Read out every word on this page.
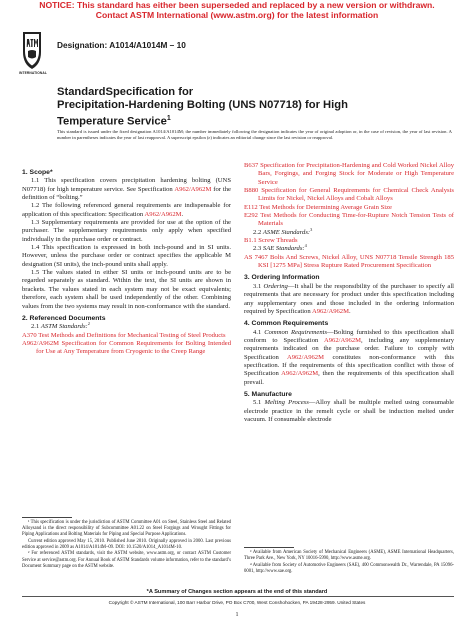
NOTICE: This standard has either been superseded and replaced by a new version or withdrawn.
Contact ASTM International (www.astm.org) for the latest information
INTERNATIONAL
Designation: A1014/A1014M – 10
StandardSpecification for
Precipitation-Hardening Bolting (UNS N07718) for High
Temperature Service$^1$
This standard is issued under the fixed designation A1014/A1014M; the number immediately following the designation indicates the year of original adoption or, in the case of revision, the year of last revision. A number in parentheses indicates the year of last reapproval. A superscript epsilon (ε) indicates an editorial change since the last revision or reapproval.

1. Scope*

1.1 This specification covers precipitation hardening bolting (UNS N07718) for high temperature service. See Specification A962/A962M for the definition of “bolting.”

1.2 The following referenced general requirements are indispensable for application of this specification: Specification A962/A962M.

1.3 Supplementary requirements are provided for use at the option of the purchaser. The supplementary requirements only apply when specified individually in the purchase order or contract.

1.4 This specification is expressed in both inch-pound and in SI units. However, unless the purchase order or contract specifies the applicable M designation (SI units), the inch-pound units shall apply.

1.5 The values stated in either SI units or inch-pound units are to be regarded separately as standard. Within the text, the SI units are shown in brackets. The values stated in each system may not be exact equivalents; therefore, each system shall be used independently of the other. Combining values from the two systems may result in non-conformance with the standard.

2. Referenced Documents

2.1 ASTM Standards:$^2$

A370 Test Methods and Definitions for Mechanical Testing of Steel Products

A962/A962M Specification for Common Requirements for Bolting Intended for Use at Any Temperature from Cryogenic to the Creep Range

¹ This specification is under the jurisdiction of ASTM Committee A01 on Steel, Stainless Steel and Related Alloysand is the direct responsibility of Subcommittee A01.22 on Steel Forgings and Wrought Fittings for Piping Applications and Bolting Materials for Piping and Special Purpose Applications.

Current edition approved May 15, 2010. Published June 2010. Originally approved in 2000. Last previous edition approved in 2009 as A1014/A1014M–09. DOI: 10.1520/A1014_A1014M-10.

² For referenced ASTM standards, visit the ASTM website, www.astm.org, or contact ASTM Customer Service at service@astm.org. For Annual Book of ASTM Standards volume information, refer to the standard’s Document Summary page on the ASTM website.

B637 Specification for Precipitation-Hardening and Cold Worked Nickel Alloy Bars, Forgings, and Forging Stock for Moderate or High Temperature Service

B880 Specification for General Requirements for Chemical Check Analysis Limits for Nickel, Nickel Alloys and Cobalt Alloys

E112 Test Methods for Determining Average Grain Size

E292 Test Methods for Conducting Time-for-Rupture Notch Tension Tests of Materials

2.2 ASME Standards:$^3$

B1.1 Screw Threads

2.3 SAE Standards:$^4$

AS 7467 Bolts And Screws, Nickel Alloy, UNS N07718 Tensile Strength 185 KSI [1275 MPa] Stress Rupture Rated Procurement Specification

3. Ordering Information

3.1 Ordering—It shall be the responsibility of the purchaser to specify all requirements that are necessary for product under this specification including any supplementary ones and those included in the ordering information required by Specification A962/A962M.

4. Common Requirements

4.1 Common Requirements—Bolting furnished to this specification shall conform to Specification A962/A962M, including any supplementary requirements indicated on the purchase order. Failure to comply with Specification A962/A962M constitutes non-conformance with this specification. If the requirements of this specification conflict with those of Specification A962/A962M, then the requirements of this specification shall prevail.

5. Manufacture

5.1 Melting Process—Alloy shall be multiple melted using consumable electrode practice in the remelt cycle or shall be induction melted under vacuum. If consumable electrode

³ Available from American Society of Mechanical Engineers (ASME), ASME International Headquarters, Three Park Ave., New York, NY 10016-5990, http://www.asme.org.

⁴ Available from Society of Automotive Engineers (SAE), 400 Commonwealth Dr., Warrendale, PA 15096-0001, http://www.sae.org.

*A Summary of Changes section appears at the end of this standard
Copyright © ASTM International, 100 Barr Harbor Drive, PO Box C700, West Conshohocken, PA 19428-2959. United States
1
